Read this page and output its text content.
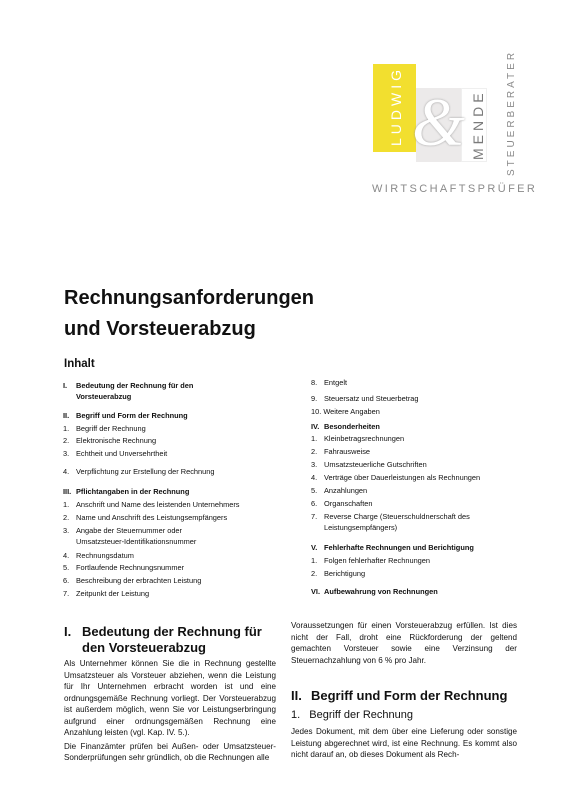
LUDWIG & MENDE STEUERBERATER
WIRTSCHAFTSPRÜFER
Rechnungsanforderungen
und Vorsteuerabzug
Inhalt
I. Bedeutung der Rechnung für den
Vorsteuerabzug
II. Begriff und Form der Rechnung
1. Begriff der Rechnung
2. Elektronische Rechnung
3. Echtheit und Unversehrtheit
4. Verpflichtung zur Erstellung der Rechnung
III. Pflichtangaben in der Rechnung
1. Anschrift und Name des leistenden Unternehmers
2. Name und Anschrift des Leistungsempfängers
3. Angabe der Steuernummer oder
Umsatzsteuer-Identifikationsnummer
4. Rechnungsdatum
5. Fortlaufende Rechnungsnummer
6. Beschreibung der erbrachten Leistung
7. Zeitpunkt der Leistung
8. Entgelt
9. Steuersatz und Steuerbetrag
10. Weitere Angaben
IV. Besonderheiten
1. Kleinbetragsrechnungen
2. Fahrausweise
3. Umsatzsteuerliche Gutschriften
4. Verträge über Dauerleistungen als Rechnungen
5. Anzahlungen
6. Organschaften
7. Reverse Charge (Steuerschuldnerschaft des
Leistungsempfängers)
V. Fehlerhafte Rechnungen und Berichtigung
1. Folgen fehlerhafter Rechnungen
2. Berichtigung
VI. Aufbewahrung von Rechnungen
I. Bedeutung der Rechnung für
den Vorsteuerabzug

Als Unternehmer können Sie die in Rechnung gestellte Umsatzsteuer als Vorsteuer abziehen, wenn die Leistung für Ihr Unternehmen erbracht worden ist und eine ordnungsgemäße Rechnung vorliegt. Der Vorsteuerabzug ist außerdem möglich, wenn Sie vor Leistungserbringung aufgrund einer ordnungsgemäßen Rechnung eine Anzahlung leisten (vgl. Kap. IV. 5.).

Die Finanzämter prüfen bei Außen- oder Umsatzsteuer-Sonderprüfungen sehr gründlich, ob die Rechnungen alle

Voraussetzungen für einen Vorsteuerabzug erfüllen. Ist dies nicht der Fall, droht eine Rückforderung der geltend gemachten Vorsteuer sowie eine Verzinsung der Steuernachzahlung von 6 % pro Jahr.

II. Begriff und Form der Rechnung
1. Begriff der Rechnung

Jedes Dokument, mit dem über eine Lieferung oder sonstige Leistung abgerechnet wird, ist eine Rechnung. Es kommt also nicht darauf an, ob dieses Dokument als Rech-
